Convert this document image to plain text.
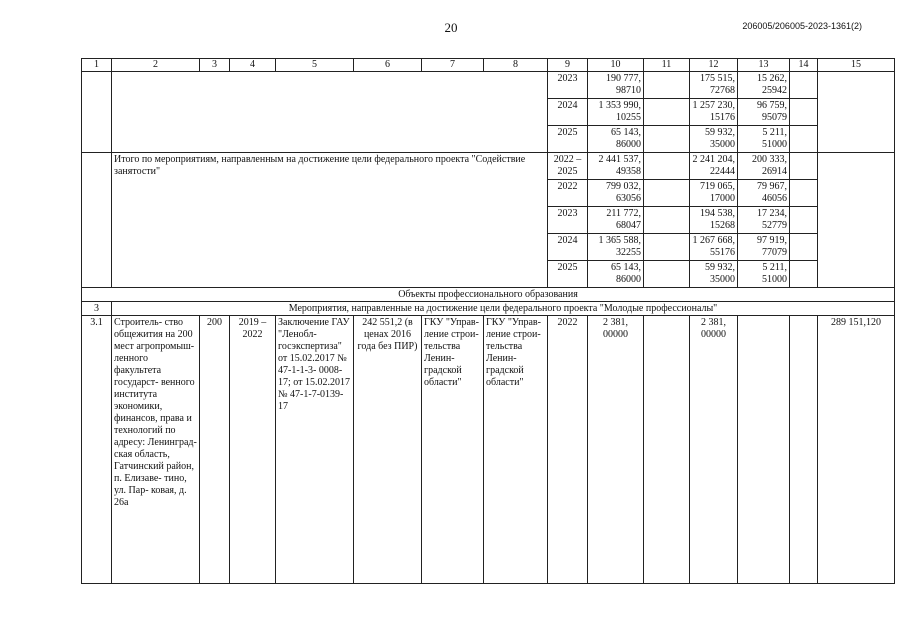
20	206005/206005-2023-1361(2)
1	2	3	4	5	6	7	8	9	10	11	12	13	14	15
								2023	190 777, 98710		175 515, 72768	15 262, 25942		
								2024	1 353 990, 10255		1 257 230, 15176	96 759, 95079		
								2025	65 143, 86000		59 932, 35000	5 211, 51000		
	Итого по мероприятиям, направленным на достижение цели федерального проекта "Содействие занятости"							2022 – 2025	2 441 537, 49358		2 241 204, 22444	200 333, 26914		
								2022	799 032, 63056		719 065, 17000	79 967, 46056		
								2023	211 772, 68047		194 538, 15268	17 234, 52779		
								2024	1 365 588, 32255		1 267 668, 55176	97 919, 77079		
								2025	65 143, 86000		59 932, 35000	5 211, 51000		
Объекты профессионального образования														
3	Мероприятия, направленные на достижение цели федерального проекта "Молодые профессионалы"													
3.1	Строитель- ство общежития на 200 мест агропромыш- ленного факультета государст- венного института экономики, финансов, права и технологий по адресу: Ленинград- ская область, Гатчинский район, п. Елизаве- тино, ул. Пар- ковая, д. 26а	200	2019 – 2022	Заключение ГАУ "Ленобл- госэкспертиза" от 15.02.2017 № 47-1-1-3- 0008-17; от 15.02.2017 № 47-1-7-0139- 17	242 551,2 (в ценах 2016 года без ПИР)	ГКУ "Управ- ление строи- тельства Ленин- градской области"	ГКУ "Управ- ление строи- тельства Ленин- градской области"	2022	2 381, 00000		2 381, 00000			289 151,120
